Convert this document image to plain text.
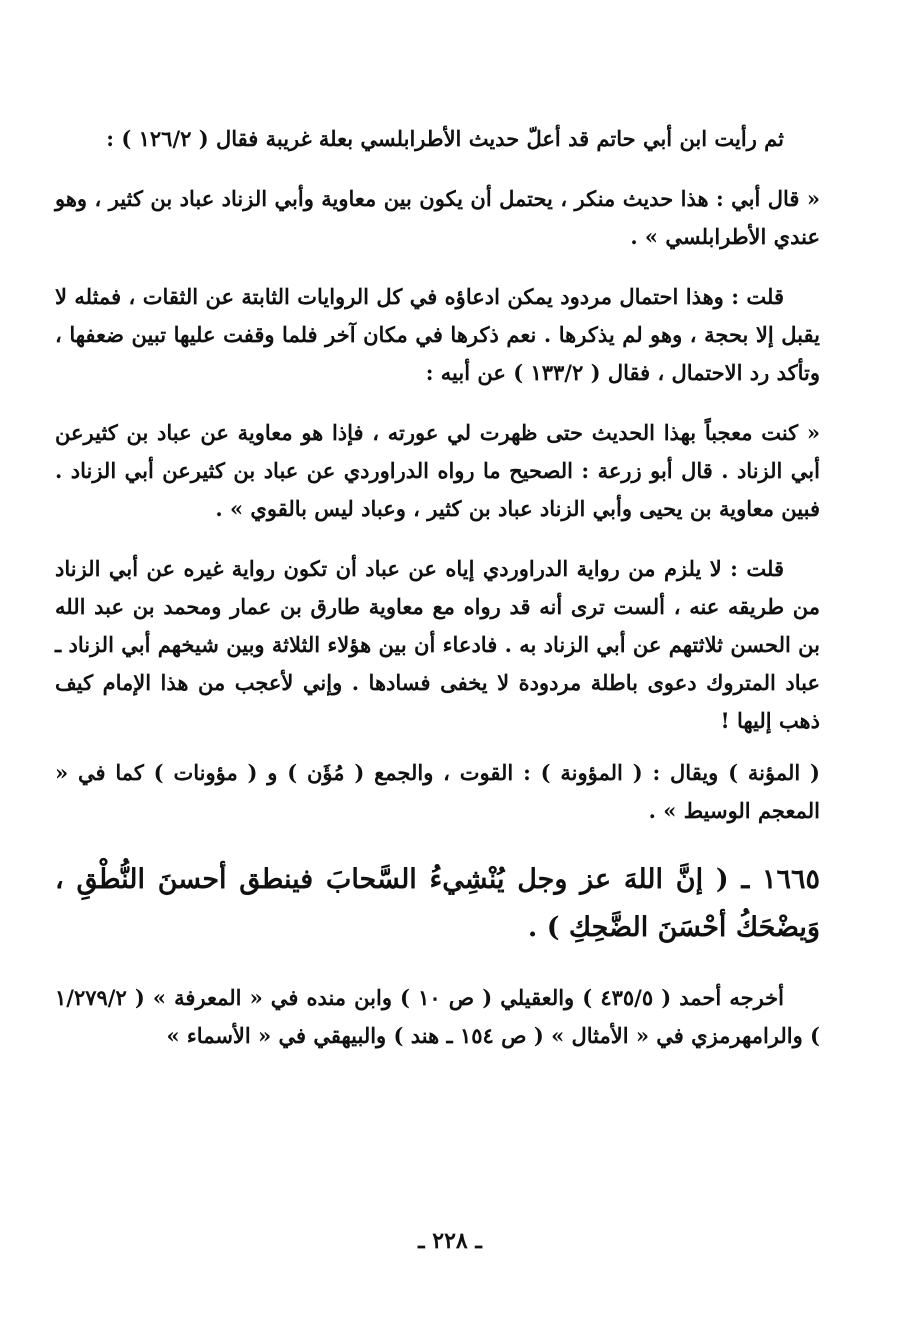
ثم رأيت ابن أبي حاتم قد أعلّ حديث الأطرابلسي بعلة غريبة فقال ( ١٢٦/٢ ) :

« قال أبي : هذا حديث منكر ، يحتمل أن يكون بين معاوية وأبي الزناد عباد بن كثير ، وهو عندي الأطرابلسي » .

قلت : وهذا احتمال مردود يمكن ادعاؤه في كل الروايات الثابتة عن الثقات ، فمثله لا يقبل إلا بحجة ، وهو لم يذكرها . نعم ذكرها في مكان آخر فلما وقفت عليها تبين ضعفها ، وتأكد رد الاحتمال ، فقال ( ١٣٣/٢ ) عن أبيه :

« كنت معجباً بهذا الحديث حتى ظهرت لي عورته ، فإذا هو معاوية عن عباد بن كثيرعن أبي الزناد . قال أبو زرعة : الصحيح ما رواه الدراوردي عن عباد بن كثيرعن أبي الزناد . فبين معاوية بن يحيى وأبي الزناد عباد بن كثير ، وعباد ليس بالقوي » .

قلت : لا يلزم من رواية الدراوردي إياه عن عباد أن تكون رواية غيره عن أبي الزناد من طريقه عنه ، ألست ترى أنه قد رواه مع معاوية طارق بن عمار ومحمد بن عبد الله بن الحسن ثلاثتهم عن أبي الزناد به . فادعاء أن بين هؤلاء الثلاثة وبين شيخهم أبي الزناد ـ عباد المتروك دعوى باطلة مردودة لا يخفى فسادها . وإني لأعجب من هذا الإمام كيف ذهب إليها !

( المؤنة ) ويقال : ( المؤونة ) : القوت ، والجمع ( مُؤَن ) و ( مؤونات ) كما في « المعجم الوسيط » .

١٦٦٥ ـ ( إنَّ اللهَ عز وجل يُنْشِيءُ السَّحابَ فينطق أحسنَ النُّطْقِ ، وَيضْحَكُ أحْسَنَ الضَّحِكِ ) .

أخرجه أحمد ( ٤٣٥/٥ ) والعقيلي ( ص ١٠ ) وابن منده في « المعرفة » ( ١/٢٧٩/٢ ) والرامهرمزي في « الأمثال » ( ص ١٥٤ ـ هند ) والبيهقي في « الأسماء »

ـ ٢٢٨ ـ
